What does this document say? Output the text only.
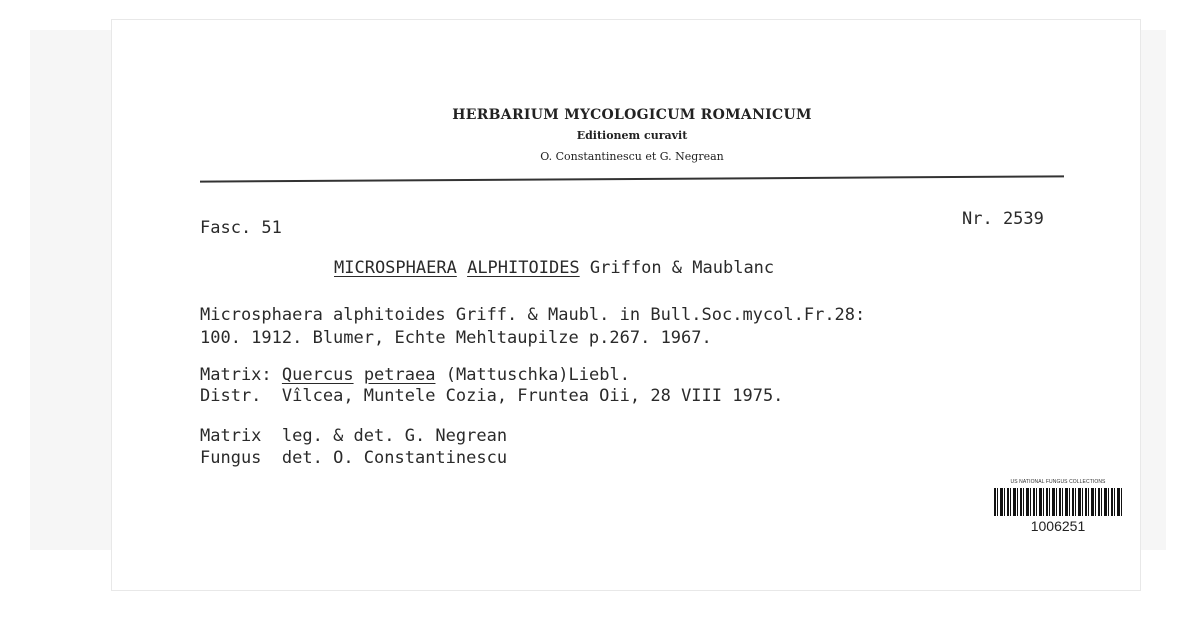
HERBARIUM MYCOLOGICUM ROMANICUM
Editionem curavit
O. Constantinescu et G. Negrean
Fasc. 51	Nr. 2539
MICROSPHAERA ALPHITOIDES Griffon & Maublanc
Microsphaera alphitoides Griff. & Maubl. in Bull.Soc.mycol.Fr.28:
100. 1912. Blumer, Echte Mehltaupilze p.267. 1967.
Matrix: Quercus petraea (Mattuschka)Liebl.
Distr. Vîlcea, Muntele Cozia, Fruntea Oii, 28 VIII 1975.
Matrix leg. & det. G. Negrean
Fungus det. O. Constantinescu
US NATIONAL FUNGUS COLLECTIONS
1006251
